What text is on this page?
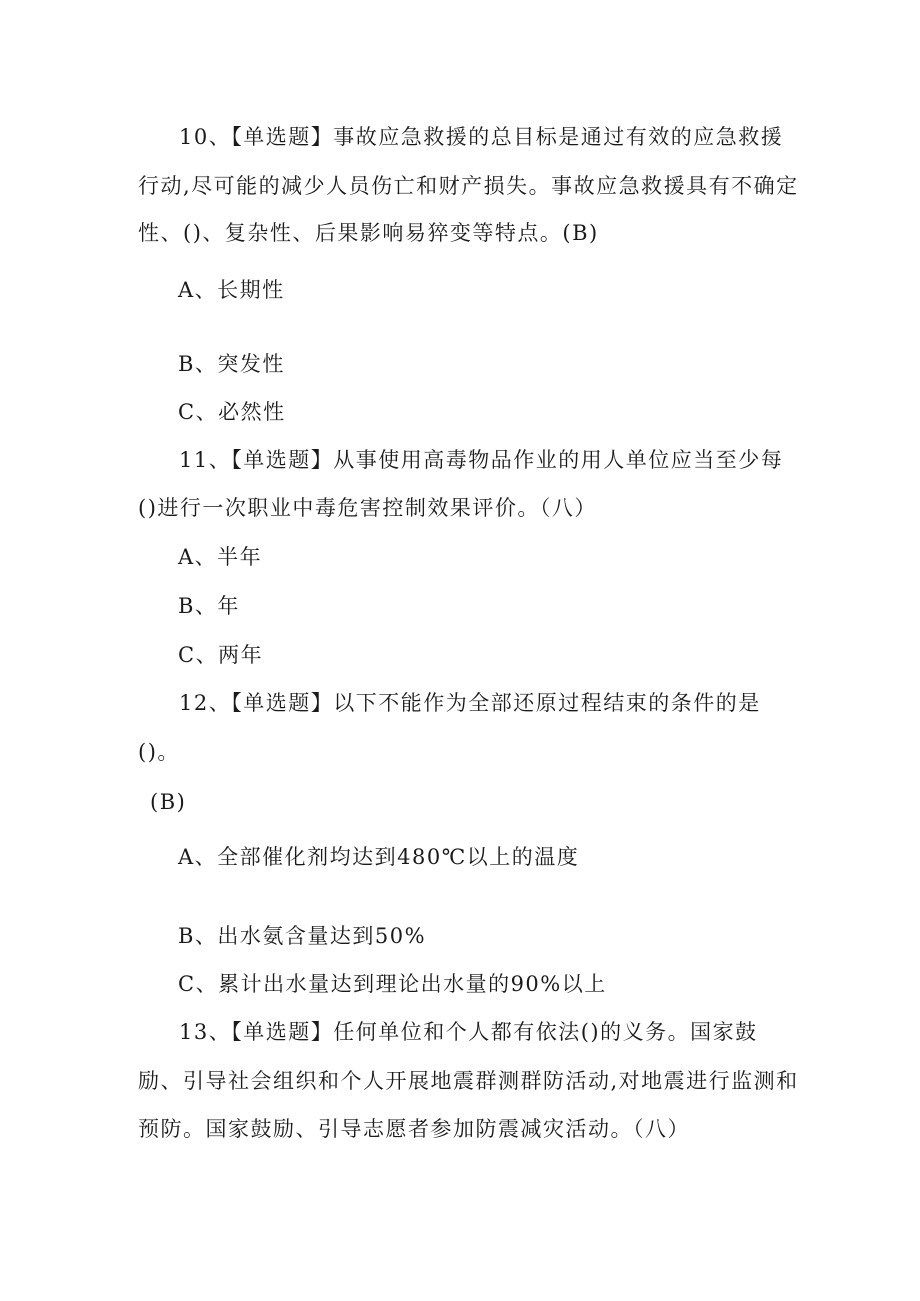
10、【单选题】事故应急救援的总目标是通过有效的应急救援
行动,尽可能的减少人员伤亡和财产损失。事故应急救援具有不确定
性、()、复杂性、后果影响易猝变等特点。(B)
A、长期性
B、突发性
C、必然性
11、【单选题】从事使用高毒物品作业的用人单位应当至少每
()进行一次职业中毒危害控制效果评价。（八）
A、半年
B、年
C、两年
12、【单选题】以下不能作为全部还原过程结束的条件的是
()。
(B)
A、全部催化剂均达到480℃以上的温度
B、出水氨含量达到50%
C、累计出水量达到理论出水量的90%以上
13、【单选题】任何单位和个人都有依法()的义务。国家鼓
励、引导社会组织和个人开展地震群测群防活动,对地震进行监测和
预防。国家鼓励、引导志愿者参加防震减灾活动。（八）
